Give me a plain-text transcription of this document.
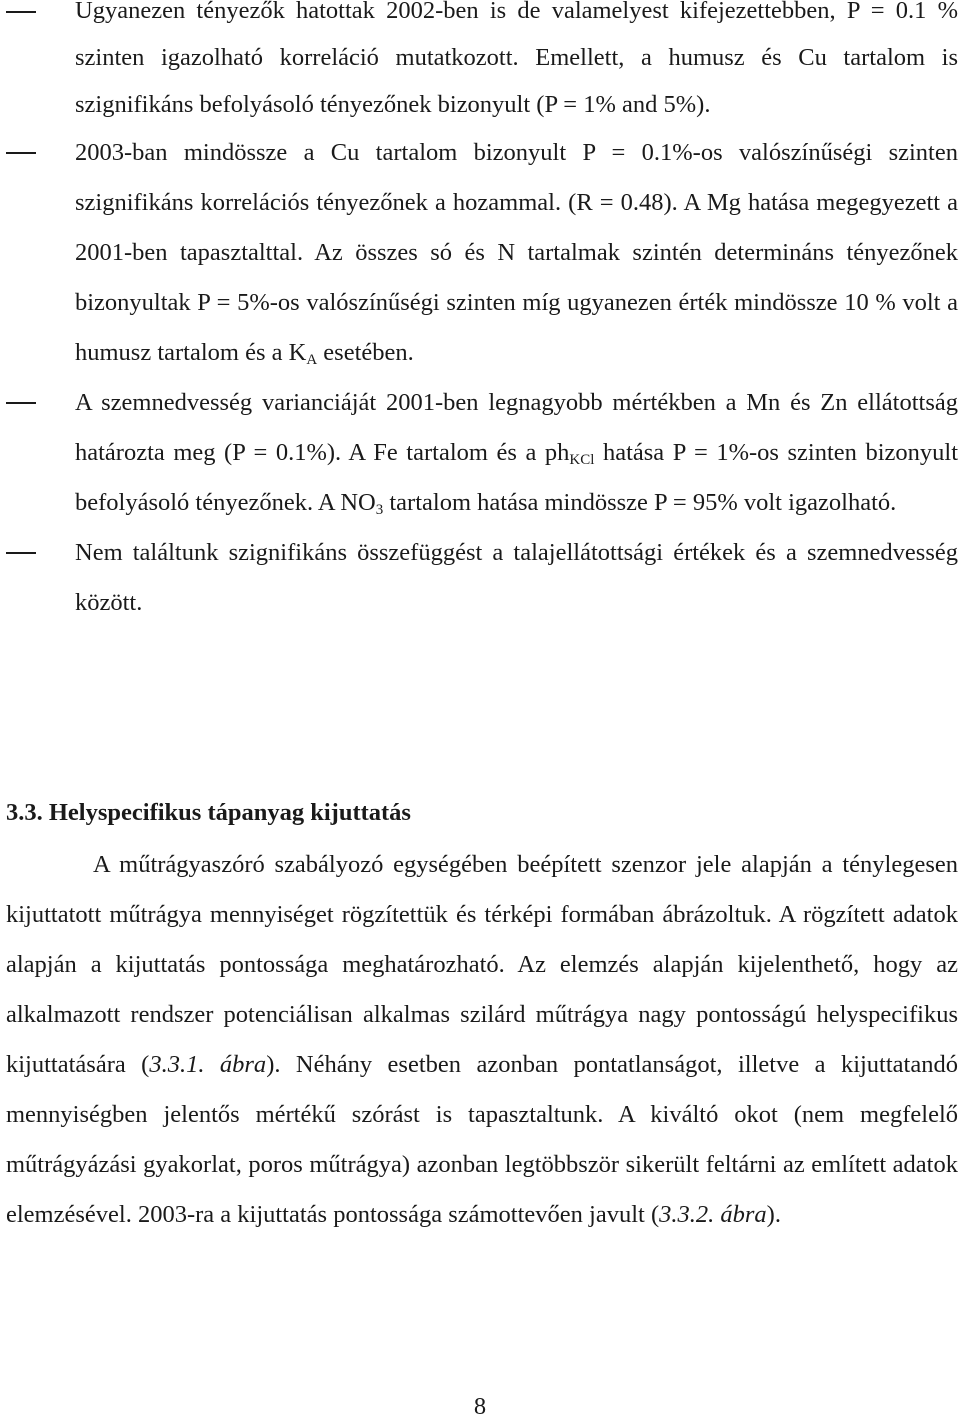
Ugyanezen tényezők hatottak 2002-ben is de valamelyest kifejezettebben, P = 0.1 % szinten igazolható korreláció mutatkozott. Emellett, a humusz és Cu tartalom is szignifikáns befolyásoló tényezőnek bizonyult (P = 1% and 5%).
2003-ban mindössze a Cu tartalom bizonyult P = 0.1%-os valószínűségi szinten szignifikáns korrelációs tényezőnek a hozammal. (R = 0.48). A Mg hatása megegyezett a 2001-ben tapasztalttal. Az összes só és N tartalmak szintén determináns tényezőnek bizonyultak P = 5%-os valószínűségi szinten míg ugyanezen érték mindössze 10 % volt a humusz tartalom és a $K_A$ esetében.
A szemnedvesség varianciáját 2001-ben legnagyobb mértékben a Mn és Zn ellátottság határozta meg (P = 0.1%). A Fe tartalom és a $ph_{KCl}$ hatása P = 1%-os szinten bizonyult befolyásoló tényezőnek. A $NO_3$ tartalom hatása mindössze P = 95% volt igazolható.
Nem találtunk szignifikáns összefüggést a talajellátottsági értékek és a szemnedvesség között.
3.3. Helyspecifikus tápanyag kijuttatás

A műtrágyaszóró szabályozó egységében beépített szenzor jele alapján a ténylegesen kijuttatott műtrágya mennyiséget rögzítettük és térképi formában ábrázoltuk. A rögzített adatok alapján a kijuttatás pontossága meghatározható. Az elemzés alapján kijelenthető, hogy az alkalmazott rendszer potenciálisan alkalmas szilárd műtrágya nagy pontosságú helyspecifikus kijuttatására (3.3.1. ábra). Néhány esetben azonban pontatlanságot, illetve a kijuttatandó mennyiségben jelentős mértékű szórást is tapasztaltunk. A kiváltó okot (nem megfelelő műtrágyázási gyakorlat, poros műtrágya) azonban legtöbbször sikerült feltárni az említett adatok elemzésével. 2003-ra a kijuttatás pontossága számottevően javult (3.3.2. ábra).

8
